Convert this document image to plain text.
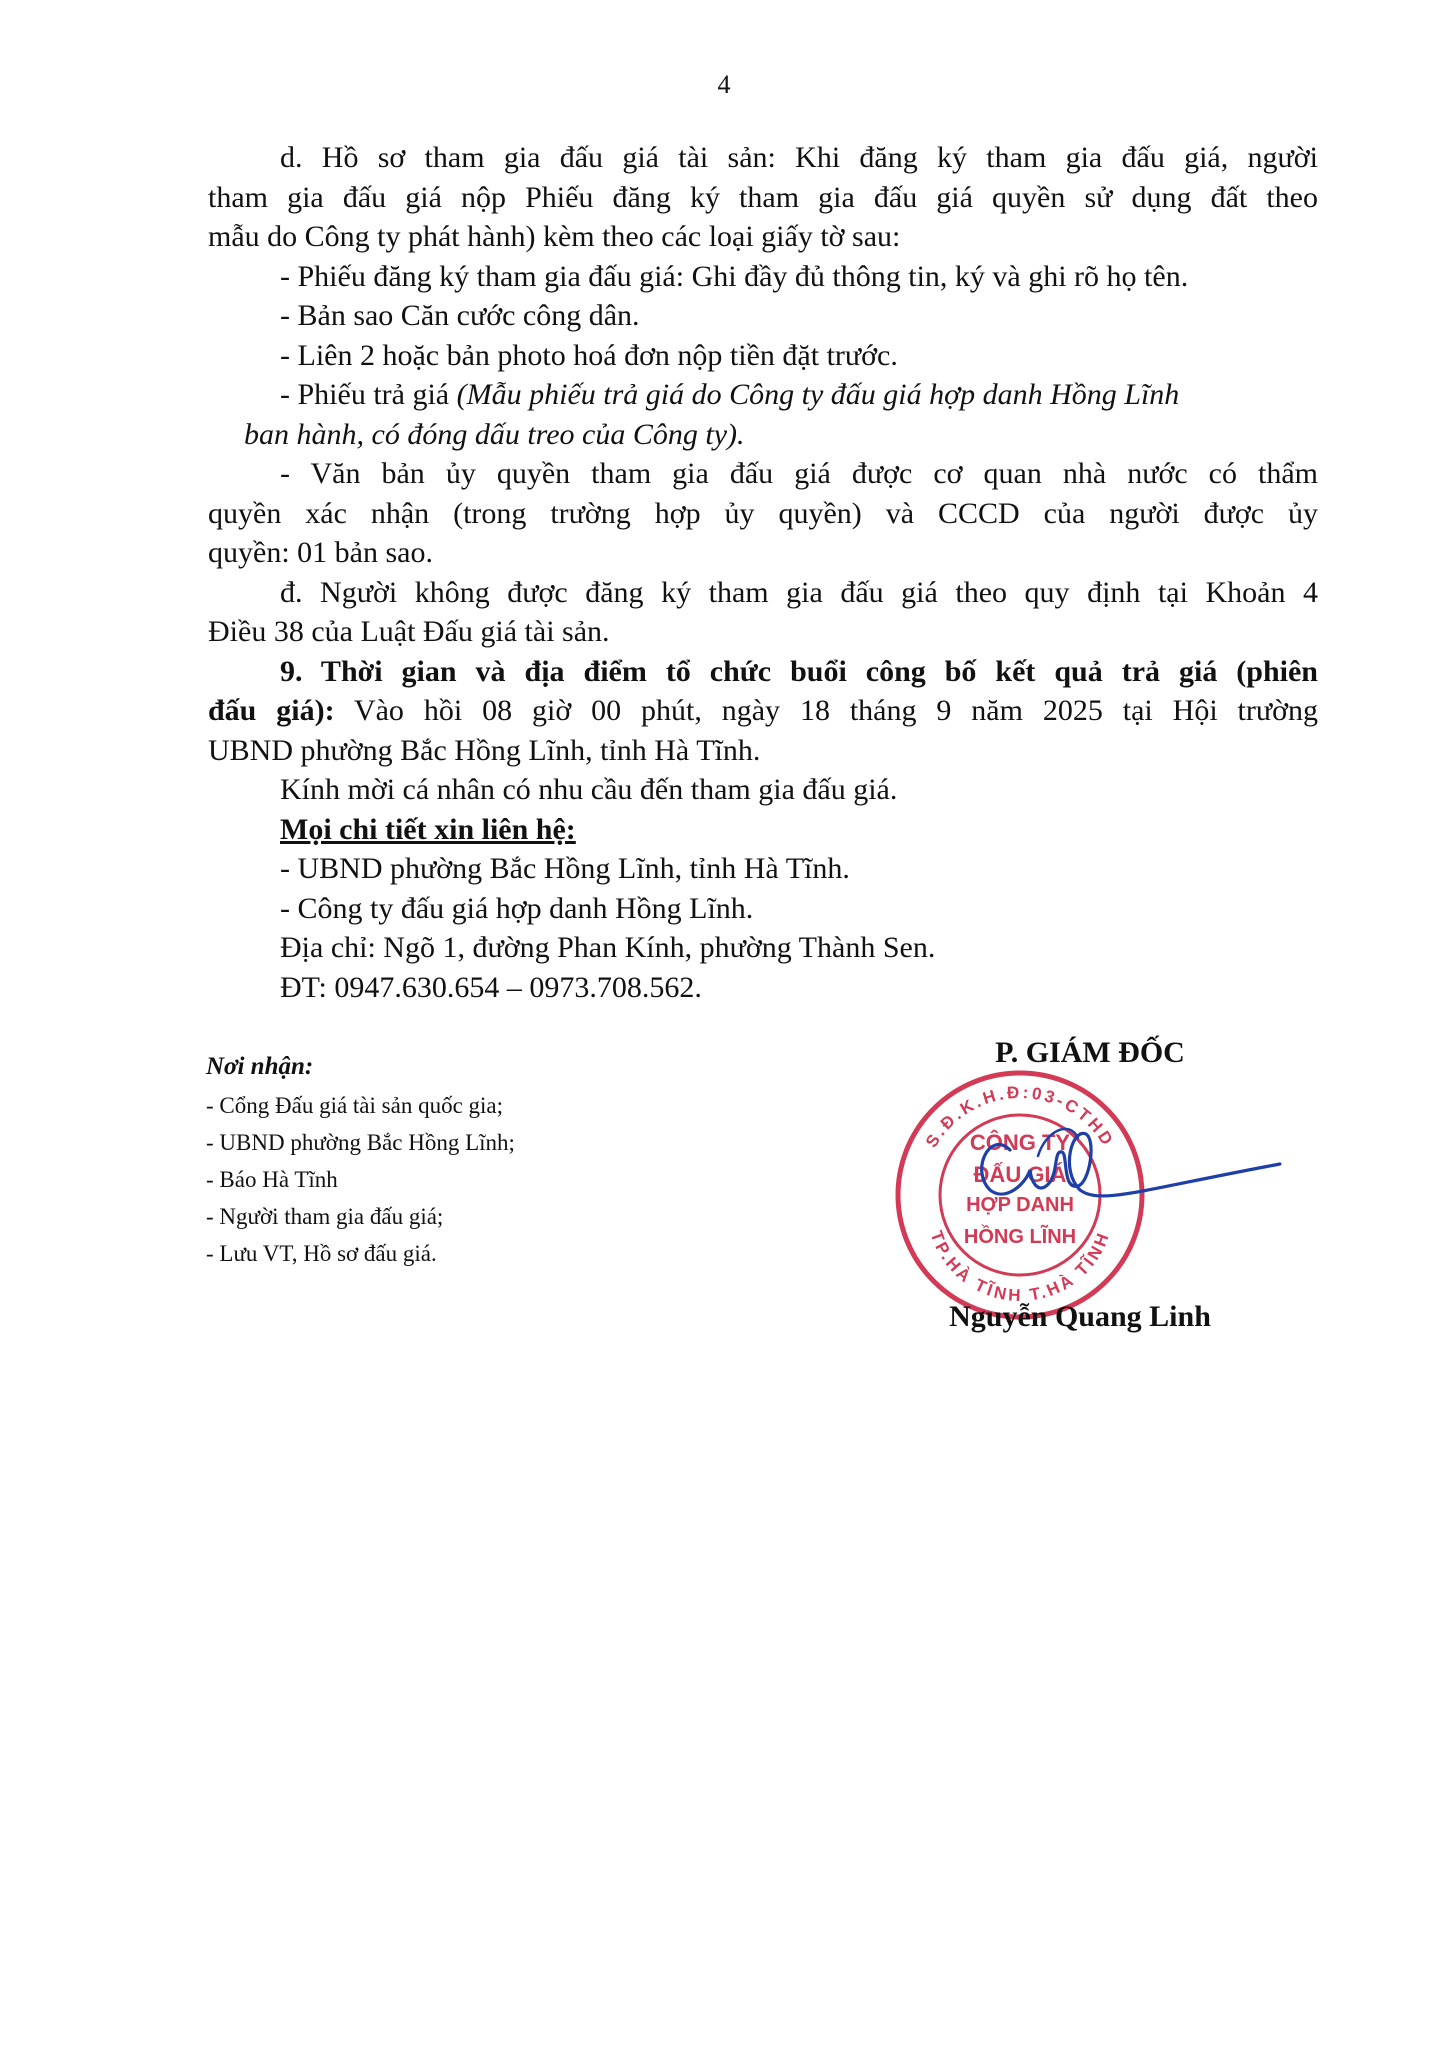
4

d. Hồ sơ tham gia đấu giá tài sản: Khi đăng ký tham gia đấu giá, người

tham gia đấu giá nộp Phiếu đăng ký tham gia đấu giá quyền sử dụng đất theo

mẫu do Công ty phát hành) kèm theo các loại giấy tờ sau:

- Phiếu đăng ký tham gia đấu giá: Ghi đầy đủ thông tin, ký và ghi rõ họ tên.

- Bản sao Căn cước công dân.

- Liên 2 hoặc bản photo hoá đơn nộp tiền đặt trước.

- Phiếu trả giá (Mẫu phiếu trả giá do Công ty đấu giá hợp danh Hồng Lĩnh

ban hành, có đóng dấu treo của Công ty).

- Văn bản ủy quyền tham gia đấu giá được cơ quan nhà nước có thẩm

quyền xác nhận (trong trường hợp ủy quyền) và CCCD của người được ủy

quyền: 01 bản sao.

đ. Người không được đăng ký tham gia đấu giá theo quy định tại Khoản 4

Điều 38 của Luật Đấu giá tài sản.

9. Thời gian và địa điểm tổ chức buổi công bố kết quả trả giá (phiên

đấu giá): Vào hồi 08 giờ 00 phút, ngày 18 tháng 9 năm 2025 tại Hội trường

UBND phường Bắc Hồng Lĩnh, tỉnh Hà Tĩnh.

Kính mời cá nhân có nhu cầu đến tham gia đấu giá.

Mọi chi tiết xin liên hệ:

- UBND phường Bắc Hồng Lĩnh, tỉnh Hà Tĩnh.

- Công ty đấu giá hợp danh Hồng Lĩnh.

Địa chỉ: Ngõ 1, đường Phan Kính, phường Thành Sen.

ĐT: 0947.630.654 – 0973.708.562.

Nơi nhận:
- Cổng Đấu giá tài sản quốc gia;
- UBND phường Bắc Hồng Lĩnh;
- Báo Hà Tĩnh
- Người tham gia đấu giá;
- Lưu VT, Hồ sơ đấu giá.
P. GIÁM ĐỐC
S.Đ.K.H.Đ:03-CTHD
TP.HÀ TĨNH T.HÀ TĨNH
CÔNG TY
ĐẤU GIÁ
HỢP DANH
HỒNG LĨNH
Nguyễn Quang Linh
